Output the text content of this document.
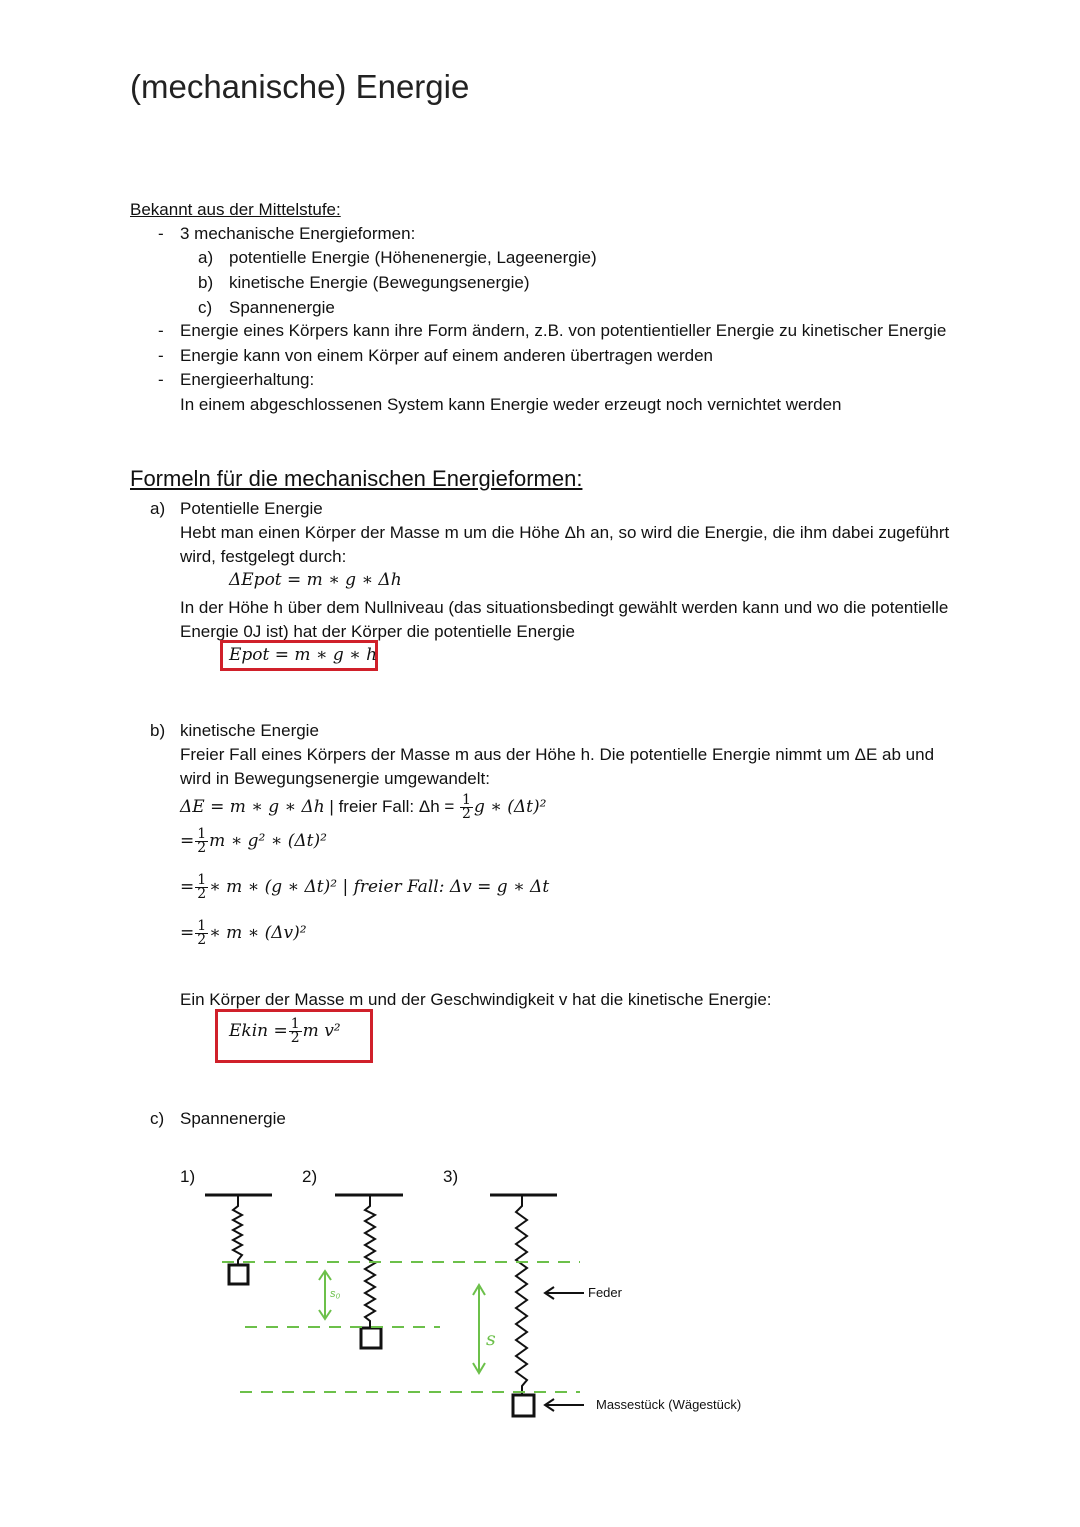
(mechanische) Energie
Bekannt aus der Mittelstufe:
- 3 mechanische Energieformen:
a) potentielle Energie (Höhenenergie, Lageenergie)
b) kinetische Energie (Bewegungsenergie)
c) Spannenergie
- Energie eines Körpers kann ihre Form ändern, z.B. von potentientieller Energie zu kinetischer Energie
- Energie kann von einem Körper auf einem anderen übertragen werden
- Energieerhaltung:
In einem abgeschlossenen System kann Energie weder erzeugt noch vernichtet werden
Formeln für die mechanischen Energieformen:
a) Potentielle Energie
Hebt man einen Körper der Masse m um die Höhe Δh an, so wird die Energie, die ihm dabei zugeführt
wird, festgelegt durch:
ΔEpot = m ∗ g ∗ Δh
In der Höhe h über dem Nullniveau (das situationsbedingt gewählt werden kann und wo die potentielle
Energie 0J ist) hat der Körper die potentielle Energie
Epot = m ∗ g ∗ h
b) kinetische Energie
Freier Fall eines Körpers der Masse m aus der Höhe h. Die potentielle Energie nimmt um ΔE ab und
wird in Bewegungsenergie umgewandelt:
ΔE = m ∗ g ∗ Δh | freier Fall: $\Delta h = \frac{1}{2}$ g ∗ (Δt)²
= $\frac{1}{2}$ m ∗ g² ∗ (Δt)²
= $\frac{1}{2}$ ∗ m ∗ (g ∗ Δt)² | freier Fall: Δv = g ∗ Δt
= $\frac{1}{2}$ ∗ m ∗ (Δv)²
Ein Körper der Masse m und der Geschwindigkeit v hat die kinetische Energie:
Ekin = $\frac{1}{2}$ m v²
c) Spannenergie
1)	2)	3)
s₀
s
Feder
Massestück (Wägestück)
